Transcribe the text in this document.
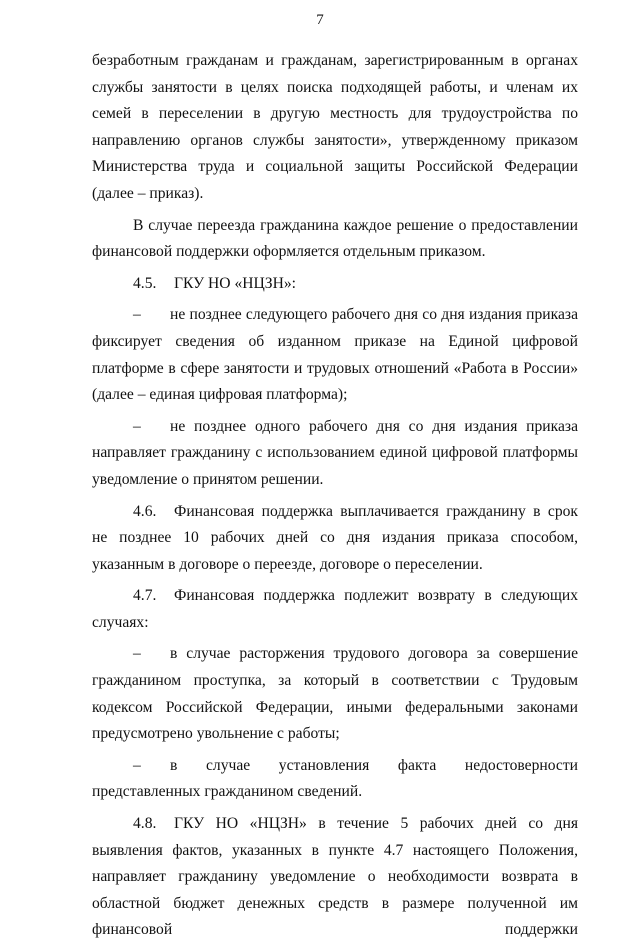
7

безработным гражданам и гражданам, зарегистрированным в органах службы занятости в целях поиска подходящей работы, и членам их семей в переселении в другую местность для трудоустройства по направлению органов службы занятости», утвержденному приказом Министерства труда и социальной защиты Российской Федерации (далее – приказ).

В случае переезда гражданина каждое решение о предоставлении финансовой поддержки оформляется отдельным приказом.

4.5. ГКУ НО «НЦЗН»:

– не позднее следующего рабочего дня со дня издания приказа фиксирует сведения об изданном приказе на Единой цифровой платформе в сфере занятости и трудовых отношений «Работа в России» (далее – единая цифровая платформа);

– не позднее одного рабочего дня со дня издания приказа направляет гражданину с использованием единой цифровой платформы уведомление о принятом решении.

4.6. Финансовая поддержка выплачивается гражданину в срок не позднее 10 рабочих дней со дня издания приказа способом, указанным в договоре о переезде, договоре о переселении.

4.7. Финансовая поддержка подлежит возврату в следующих случаях:

– в случае расторжения трудового договора за совершение гражданином проступка, за который в соответствии с Трудовым кодексом Российской Федерации, иными федеральными законами предусмотрено увольнение с работы;

– в случае установления факта недостоверности представленных гражданином сведений.

4.8. ГКУ НО «НЦЗН» в течение 5 рабочих дней со дня выявления фактов, указанных в пункте 4.7 настоящего Положения, направляет гражданину уведомление о необходимости возврата в областной бюджет денежных средств в размере полученной им финансовой поддержки
